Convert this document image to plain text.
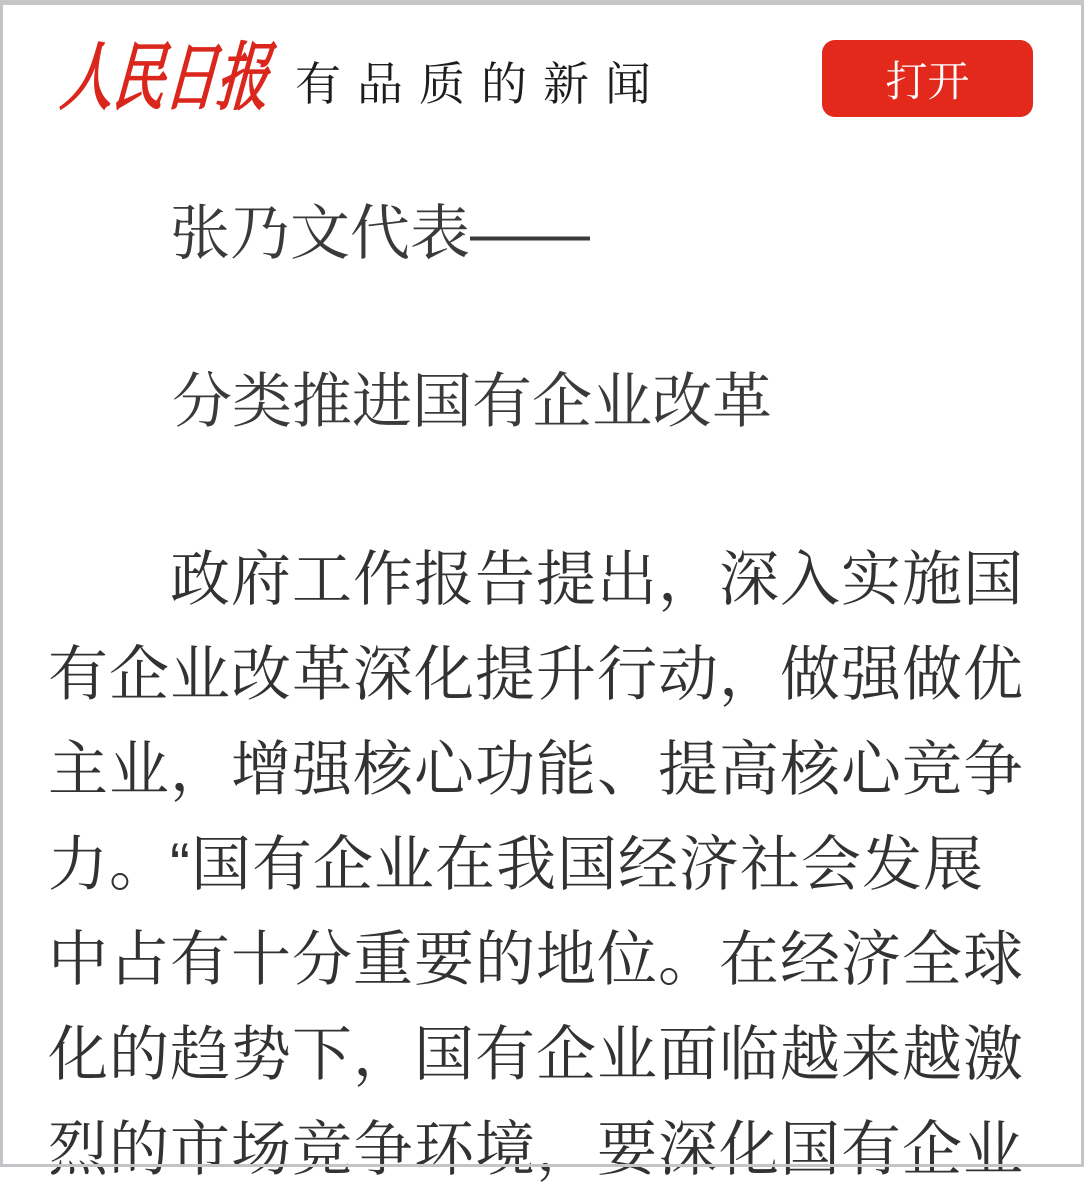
人民日报 有品质的新闻	打开
张乃文代表——
分类推进国有企业改革
政府工作报告提出，深入实施国
有企业改革深化提升行动，做强做优
主业，增强核心功能、提高核心竞争
力。“国有企业在我国经济社会发展
中占有十分重要的地位。在经济全球
化的趋势下，国有企业面临越来越激
烈的市场竞争环境，要深化国有企业
